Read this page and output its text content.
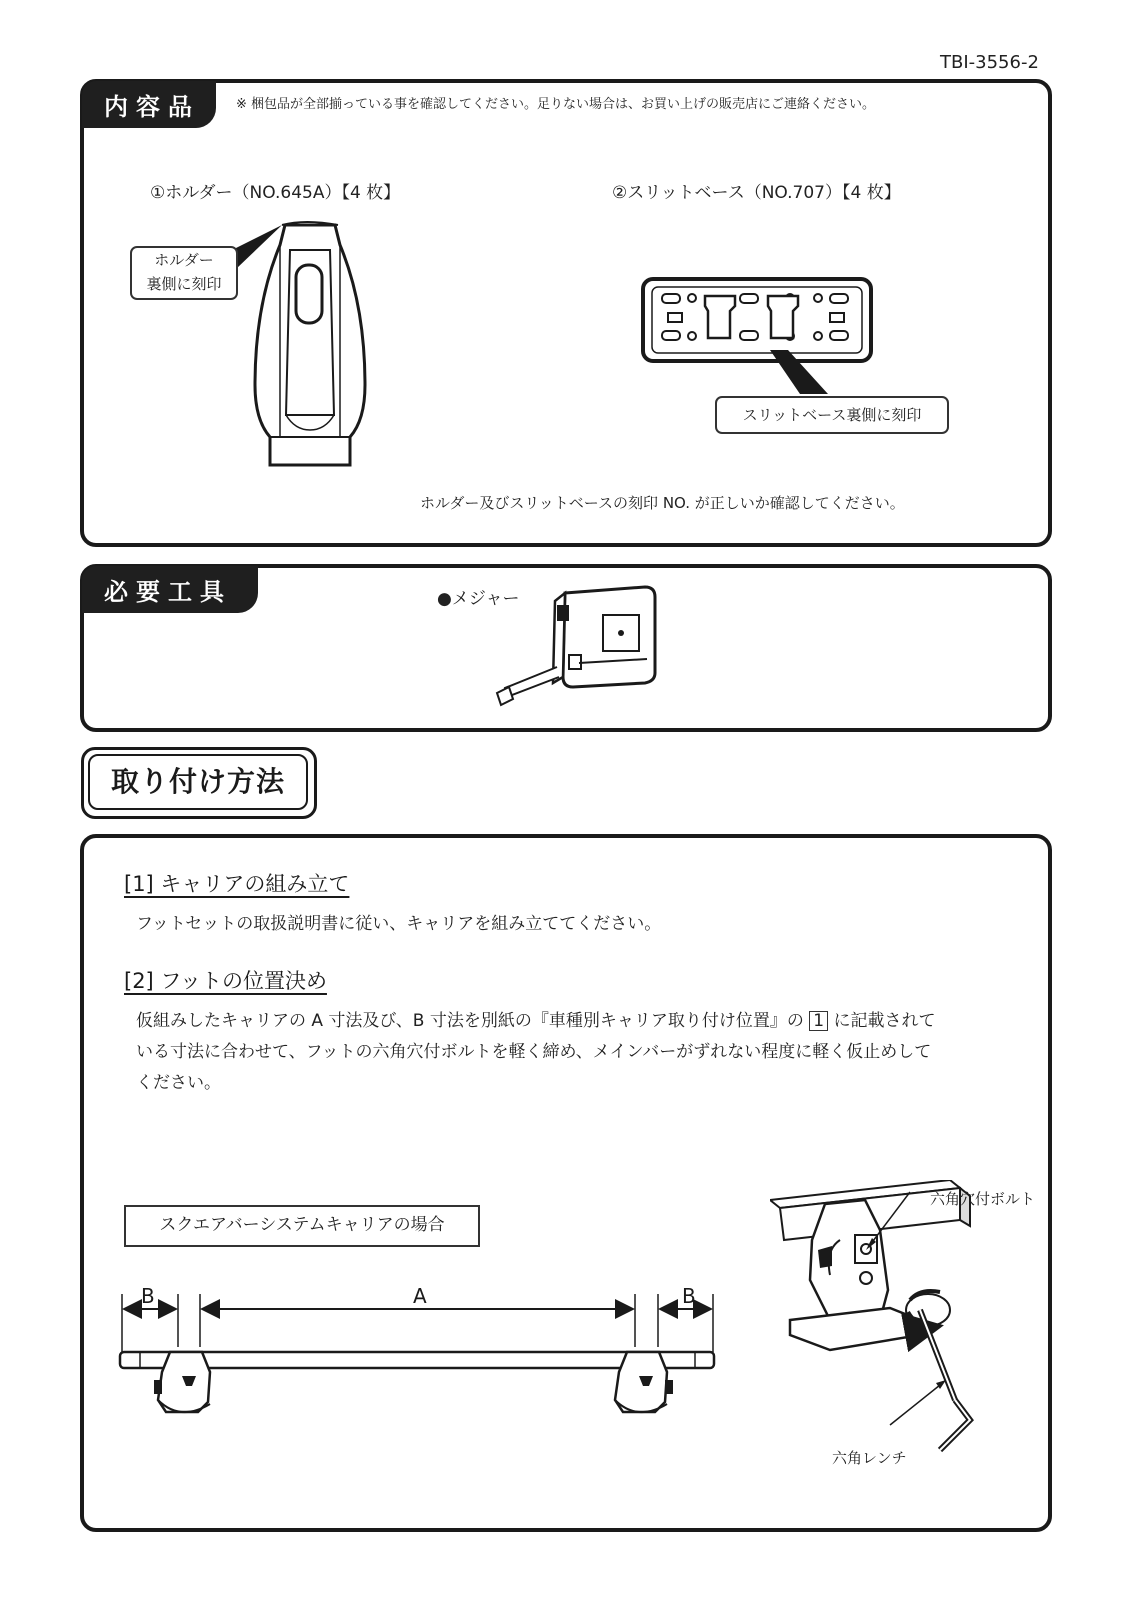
TBI-3556-2
内容品	※ 梱包品が全部揃っている事を確認してください。足りない場合は、お買い上げの販売店にご連絡ください。
①ホルダー（NO.645A）【4 枚】	②スリットベース（NO.707）【4 枚】
ホルダー
裏側に刻印
スリットベース裏側に刻印
ホルダー及びスリットベースの刻印 NO. が正しいか確認してください。
必要工具	●メジャー
取り付け方法
[1] キャリアの組み立て
フットセットの取扱説明書に従い、キャリアを組み立ててください。
[2] フットの位置決め
仮組みしたキャリアの A 寸法及び、B 寸法を別紙の『車種別キャリア取り付け位置』の 1 に記載されて
いる寸法に合わせて、フットの六角穴付ボルトを軽く締め、メインバーがずれない程度に軽く仮止めして
ください。
スクエアバーシステムキャリアの場合
B	A	B
六角穴付ボルト
六角レンチ
